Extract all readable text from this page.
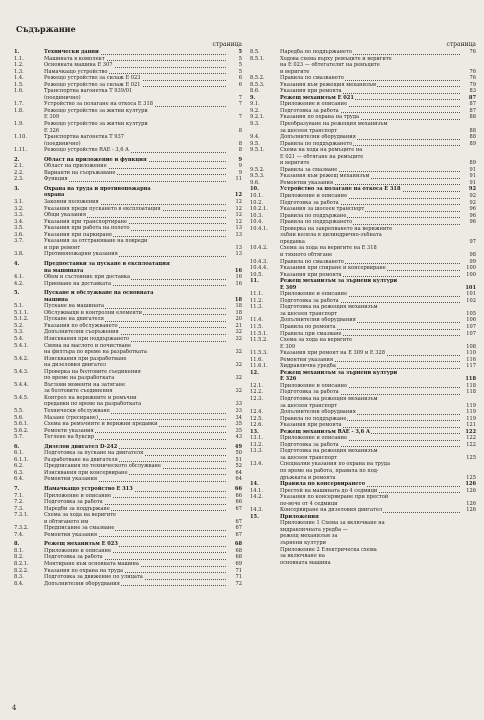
Съдържание
страница
1.	Технически данни	5
1.1.	Машината в комплект	5
1.2.	Основната машина Е 307	5
1.3.	Намачкащо устройство	5
1.4.	Режещо устройство за силаж Е 023	6
1.5.	Режещо устройство за силаж Е 021	6
1.6.	Транспортна вагонетка Т 939/01
(поединично)	7
1.7.	Устройство за полагане на откоса Е 318	7
1.8.	Режещо устройство за житни култури
Е 309	7
1.9.	Режещо устройство за житни култури
Е 326	8
1.10.	Транспортна вагонетка Т 937
(поединично)	8
1.11.	Режещо устройство RAE - 3,6 A	8
2.	Област на приложение и функция	9
2.1.	Област на приложение	9
2.2.	Варианти на съоръжаване	9
2.3.	Функция	11
3.	Охрана на труда и противопожарна
охрана	12
3.1.	Законни положения	12
3.2.	Указания преди пускането в експлоатация	12
3.3.	Общи указания	12
3.4.	Указания при транспортиране	12
3.5.	Указания при работа на полето	13
3.6.	Указания при паркиране	13
3.7.	Указания за отстраняване на повреди
и при ремонт	13
3.8.	Противопожарни указания	13
4.	Предпоставки за пускане в експлоатация
на машината	16
4.1.	Обем и състояние при доставка	16
4.2.	Приемане на доставката	16
5.	Пускане и обслужване на основната
машина	18
5.1.	Пускане на машината	18
5.1.1.	Обслужващи и контролни елементи	18
5.1.2.	Пускане на двигателя	20
5.2.	Указания по обслужването	21
5.3.	Допълнителни съоръжения	32
5.4.	Изисквания при поддържането	32
5.4.1.	Смяна на маслото и почистване
на филтъра по време на разработката	32
5.4.2.	Изисквания при разработване
на дизеловия двигател	32
5.4.3.	Проверка на болтовите съединения
по време на разработката	32
5.4.4.	Въглови моменти на затягане
за болтовите съединения	32
5.4.5.	Контрол на верижните и ремъчни
предавки по време на разработката	33
5.5.	Технически обслужване	33
5.6.	Мазане (гресиране)	34
5.6.1.	Схема на ремъчните и верижни предавки	35
5.6.2.	Ремонти указания	35
5.7.	Теглене на буксир	43
6.	Дизелов двигател D-242	49
6.1.	Подготовка за пускане на двигателя	50
6.1.1.	Разработване на двигателя	51
6.2.	Предписания по техническото обслужване	52
6.3.	Изисквания при консервиране	64
6.4.	Ремонтни указания	64
7.	Намачкащо устройство Е 313	66
7.1.	Приложение и описание	66
7.2.	Подготовка за работа	66
7.3.	Наредби за поддържане	67
7.3.1.	Схема за хода на веригите
и обтягането им	67
7.3.2.	Предписание за смазване	67
7.4.	Ремонтни указания	67
8.	Режещ механизъм Е 023	68
8.1.	Приложение и описание	68
8.2.	Подготовка за работа	68
8.2.1.	Монтиране към основната машина	69
8.2.2.	Указания по охрана на труда	71
8.3.	Подготовка за движение по улицата	71
8.4.	Допълнителни оборудвания	72
страница
8.5.	Наредба по поддържането	76
8.5.1.	Ходова схема върху ремъците и веригите
на Е 023 — обтегателят на ремъците
и веригите	76
8.5.2.	Правила по смазването	76
8.5.3.	Указания към режещия механизъм	79
8.6.	Указания при ремонта	83
9.	Режещ механизъм Е 021	87
9.1.	Приложение и описание	87
9.2.	Подготовка за работа	87
9.2.1.	Указания по охрана на труда	88
9.3.	Преобразуване на режещия механизъм
за шосеен транспорт	88
9.4.	Допълнителни оборудвания	88
9.5.	Правила по поддържането	89
9.5.1.	Схема на хода на ремъците на
Е 021 — обтягане на ремъците
и веригите	89
9.5.2.	Правила за смазване	91
9.5.3.	Указания към режещ механизъм	91
9.6.	Ремонтни указания	91
10.	Устройство за полагане на откоса Е 318	92
10.1.	Приложение и описание	92
10.2.	Подготовка за работа	92
10.2.1. Указания за шосеен транспорт	96
10.3.	Правила по поддържане	96
10.4.	Правила по поддържането	96
10.4.1. Проверка на закрепването на верижните
зъбни колела в цилиндрично-зъбната
предавка	97
10.4.2. Схема за хода на веригите на Е 318
и тяхното обтягане	98
10.4.3. Правила по смазването	99
10.4.4. Указания при спиране и консервиране	100
10.5.	Указания при ремонта	100
11.	Режещ механизъм за зърнени култури
Е 309	101
11.1.	Приложение и описание	101
11.2.	Подготовка за работа	102
11.3.	Подготовка на режещия механизъм
за шосеен транспорт	105
11.4.	Допълнителни оборудвания	106
11.5.	Правила по ремонта	107
11.5.1. Правила при смазване	107
11.5.2. Схема за хода на веригите
Е 309	108
11.5.3. Указания при ремонт на Е 309 и Е 328	110
11.6.	Ремонтни указания	116
11.6.1. Хидравлична уредба	117
12.	Режещ механизъм за зърнени култури
Е 326	118
12.1.	Приложение и описание	118
12.2.	Подготовка за работа	118
12.3.	Подготовка на режещия механизъм
за шосеен транспорт	119
12.4.	Допълнителни оборудвания	119
12.5.	Правила по поддържане	119
12.6.	Указания при ремонта	121
13.	Режещ механизъм RAE - 3,6 A	122
13.1.	Приложение и описание	122
13.2.	Подготовка за работа	122
13.3.	Подготовка на режещия механизъм
за шосеен транспорт	125
13.4.	Специални указания по охрана на труда
по време на работа, правила по под-
дръжката и ремонта	125
14.	Правила по консервирането	126
14.1.	Престой на машината до 4 седмици	126
14.2.	Указания по консервиране при престой
по-вече от 4 седмици	126
14.3.	Консервиране на дизеловия двигател	126
15.	Приложения
Приложение 1 Схема за включване на
хидравличната уредба —
режещ механизъм за
зърнени култури
Приложение 2 Електрическа схема
за включване на
основната машина
4
